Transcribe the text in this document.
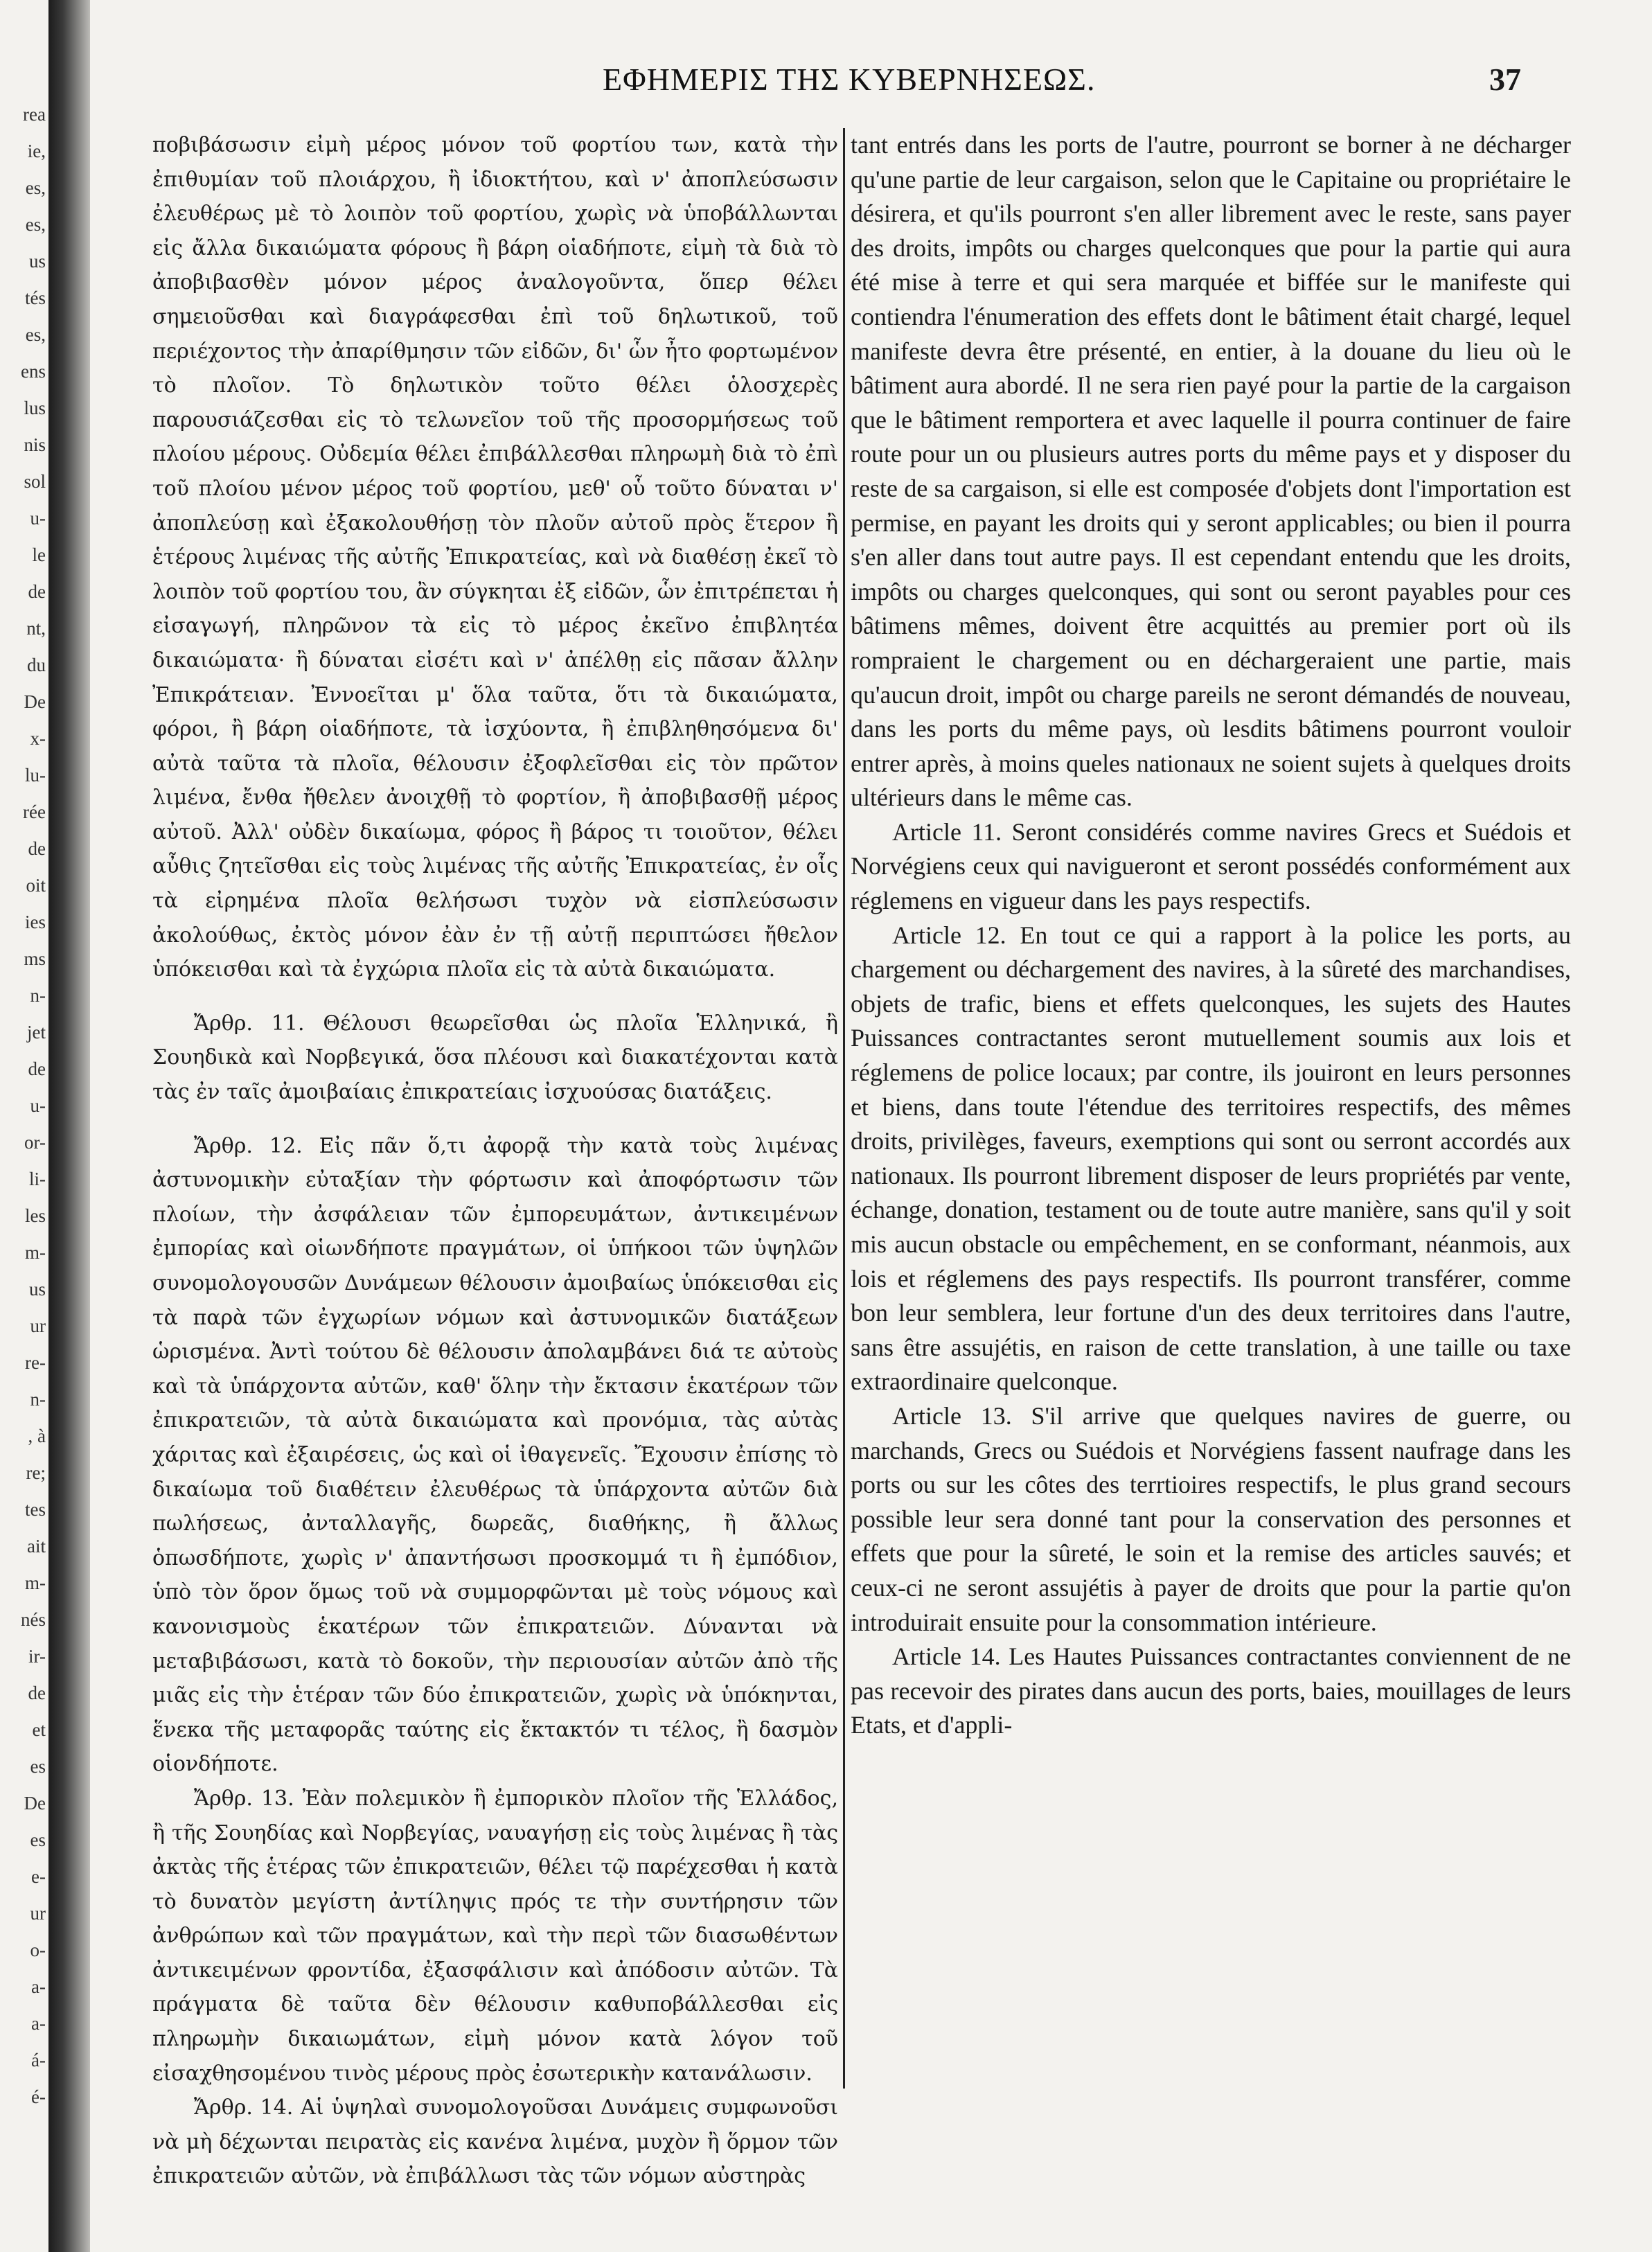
rea
ie,
es,
es,
us
tés
es,
ens
lus
nis
sol
u-
le
de
nt,
du
De
x-
lu-
rée
de
oit
ies
ms
n-
jet
de
u-
or-
li-
les
m-
us
ur
re-
n-
, à
re;
tes
ait
m-
nés
ir-
de
et
es
De
es
e-
ur
o-
a-
a-
á-
é-
ΕΦΗΜΕΡΙΣ ΤΗΣ ΚΥΒΕΡΝΗΣΕΩΣ.	37

ποβιβάσωσιν εἰμὴ μέρος μόνον τοῦ φορτίου των, κατὰ τὴν ἐπιθυμίαν τοῦ πλοιάρχου, ἢ ἰδιοκτήτου, καὶ ν' ἀποπλεύσωσιν ἐλευθέρως μὲ τὸ λοιπὸν τοῦ φορτίου, χωρὶς νὰ ὑποβάλλωνται εἰς ἄλλα δικαιώματα φόρους ἢ βάρη οἱαδήποτε, εἰμὴ τὰ διὰ τὸ ἀποβιβασθὲν μόνον μέρος ἀναλογοῦντα, ὅπερ θέλει σημειοῦσθαι καὶ διαγράφεσθαι ἐπὶ τοῦ δηλωτικοῦ, τοῦ περιέχοντος τὴν ἀπαρίθμησιν τῶν εἰδῶν, δι' ὧν ἦτο φορτωμένον τὸ πλοῖον. Τὸ δηλωτικὸν τοῦτο θέλει ὁλοσχερὲς παρουσιάζεσθαι εἰς τὸ τελωνεῖον τοῦ τῆς προσορμήσεως τοῦ πλοίου μέρους. Οὐδεμία θέλει ἐπιβάλλεσθαι πληρωμὴ διὰ τὸ ἐπὶ τοῦ πλοίου μένον μέρος τοῦ φορτίου, μεθ' οὗ τοῦτο δύναται ν' ἀποπλεύσῃ καὶ ἐξακολουθήσῃ τὸν πλοῦν αὐτοῦ πρὸς ἕτερον ἢ ἑτέρους λιμένας τῆς αὐτῆς Ἐπικρατείας, καὶ νὰ διαθέσῃ ἐκεῖ τὸ λοιπὸν τοῦ φορτίου του, ἂν σύγκηται ἐξ εἰδῶν, ὧν ἐπιτρέπεται ἡ εἰσαγωγή, πληρῶνον τὰ εἰς τὸ μέρος ἐκεῖνο ἐπιβλητέα δικαιώματα· ἢ δύναται εἰσέτι καὶ ν' ἀπέλθῃ εἰς πᾶσαν ἄλλην Ἐπικράτειαν. Ἐννοεῖται μ' ὅλα ταῦτα, ὅτι τὰ δικαιώματα, φόροι, ἢ βάρη οἱαδήποτε, τὰ ἰσχύοντα, ἢ ἐπιβληθησόμενα δι' αὐτὰ ταῦτα τὰ πλοῖα, θέλουσιν ἐξοφλεῖσθαι εἰς τὸν πρῶτον λιμένα, ἔνθα ἤθελεν ἀνοιχθῇ τὸ φορτίον, ἢ ἀποβιβασθῇ μέρος αὐτοῦ. Ἀλλ' οὐδὲν δικαίωμα, φόρος ἢ βάρος τι τοιοῦτον, θέλει αὖθις ζητεῖσθαι εἰς τοὺς λιμένας τῆς αὐτῆς Ἐπικρατείας, ἐν οἷς τὰ εἰρημένα πλοῖα θελήσωσι τυχὸν νὰ εἰσπλεύσωσιν ἀκολούθως, ἐκτὸς μόνον ἐὰν ἐν τῇ αὐτῇ περιπτώσει ἤθελον ὑπόκεισθαι καὶ τὰ ἐγχώρια πλοῖα εἰς τὰ αὐτὰ δικαιώματα.

Ἄρθρ. 11. Θέλουσι θεωρεῖσθαι ὡς πλοῖα Ἑλληνικά, ἢ Σουηδικὰ καὶ Νορβεγικά, ὅσα πλέουσι καὶ διακατέχονται κατὰ τὰς ἐν ταῖς ἀμοιβαίαις ἐπικρατείαις ἰσχυούσας διατάξεις.

Ἄρθρ. 12. Εἰς πᾶν ὅ,τι ἀφορᾷ τὴν κατὰ τοὺς λιμένας ἀστυνομικὴν εὐταξίαν τὴν φόρτωσιν καὶ ἀποφόρτωσιν τῶν πλοίων, τὴν ἀσφάλειαν τῶν ἐμπορευμάτων, ἀντικειμένων ἐμπορίας καὶ οἱωνδήποτε πραγμάτων, οἱ ὑπήκοοι τῶν ὑψηλῶν συνομολογουσῶν Δυνάμεων θέλουσιν ἀμοιβαίως ὑπόκεισθαι εἰς τὰ παρὰ τῶν ἐγχωρίων νόμων καὶ ἀστυνομικῶν διατάξεων ὡρισμένα. Ἀντὶ τούτου δὲ θέλουσιν ἀπολαμβάνει διά τε αὐτοὺς καὶ τὰ ὑπάρχοντα αὐτῶν, καθ' ὅλην τὴν ἔκτασιν ἑκατέρων τῶν ἐπικρατειῶν, τὰ αὐτὰ δικαιώματα καὶ προνόμια, τὰς αὐτὰς χάριτας καὶ ἐξαιρέσεις, ὡς καὶ οἱ ἰθαγενεῖς. Ἔχουσιν ἐπίσης τὸ δικαίωμα τοῦ διαθέτειν ἐλευθέρως τὰ ὑπάρχοντα αὐτῶν διὰ πωλήσεως, ἀνταλλαγῆς, δωρεᾶς, διαθήκης, ἢ ἄλλως ὁπωσδήποτε, χωρὶς ν' ἀπαντήσωσι προσκομμά τι ἢ ἐμπόδιον, ὑπὸ τὸν ὅρον ὅμως τοῦ νὰ συμμορφῶνται μὲ τοὺς νόμους καὶ κανονισμοὺς ἑκατέρων τῶν ἐπικρατειῶν. Δύνανται νὰ μεταβιβάσωσι, κατὰ τὸ δοκοῦν, τὴν περιουσίαν αὐτῶν ἀπὸ τῆς μιᾶς εἰς τὴν ἑτέραν τῶν δύο ἐπικρατειῶν, χωρὶς νὰ ὑπόκηνται, ἕνεκα τῆς μεταφορᾶς ταύτης εἰς ἔκτακτόν τι τέλος, ἢ δασμὸν οἱονδήποτε.

Ἄρθρ. 13. Ἐὰν πολεμικὸν ἢ ἐμπορικὸν πλοῖον τῆς Ἑλλάδος, ἢ τῆς Σουηδίας καὶ Νορβεγίας, ναυαγήσῃ εἰς τοὺς λιμένας ἢ τὰς ἀκτὰς τῆς ἑτέρας τῶν ἐπικρατειῶν, θέλει τῷ παρέχεσθαι ἡ κατὰ τὸ δυνατὸν μεγίστη ἀντίληψις πρός τε τὴν συντήρησιν τῶν ἀνθρώπων καὶ τῶν πραγμάτων, καὶ τὴν περὶ τῶν διασωθέντων ἀντικειμένων φροντίδα, ἐξασφάλισιν καὶ ἀπόδοσιν αὐτῶν. Τὰ πράγματα δὲ ταῦτα δὲν θέλουσιν καθυποβάλλεσθαι εἰς πληρωμὴν δικαιωμάτων, εἰμὴ μόνον κατὰ λόγον τοῦ εἰσαχθησομένου τινὸς μέρους πρὸς ἐσωτερικὴν κατανάλωσιν.

Ἄρθρ. 14. Αἱ ὑψηλαὶ συνομολογοῦσαι Δυνάμεις συμφωνοῦσι νὰ μὴ δέχωνται πειρατὰς εἰς κανένα λιμένα, μυχὸν ἢ ὅρμον τῶν ἐπικρατειῶν αὐτῶν, νὰ ἐπιβάλλωσι τὰς τῶν νόμων αὐστηρὰς

tant entrés dans les ports de l'autre, pourront se borner à ne décharger qu'une partie de leur cargaison, selon que le Capitaine ou propriétaire le désirera, et qu'ils pourront s'en aller librement avec le reste, sans payer des droits, impôts ou charges quelconques que pour la partie qui aura été mise à terre et qui sera marquée et biffée sur le manifeste qui contiendra l'énumeration des effets dont le bâtiment était chargé, lequel manifeste devra être présenté, en entier, à la douane du lieu où le bâtiment aura abordé. Il ne sera rien payé pour la partie de la cargaison que le bâtiment remportera et avec laquelle il pourra continuer de faire route pour un ou plusieurs autres ports du même pays et y disposer du reste de sa cargaison, si elle est composée d'objets dont l'importation est permise, en payant les droits qui y seront applicables; ou bien il pourra s'en aller dans tout autre pays. Il est cependant entendu que les droits, impôts ou charges quelconques, qui sont ou seront payables pour ces bâtimens mêmes, doivent être acquittés au premier port où ils rompraient le chargement ou en déchargeraient une partie, mais qu'aucun droit, impôt ou charge pareils ne seront démandés de nouveau, dans les ports du même pays, où lesdits bâtimens pourront vouloir entrer après, à moins queles nationaux ne soient sujets à quelques droits ultérieurs dans le même cas.

Article 11. Seront considérés comme navires Grecs et Suédois et Norvégiens ceux qui navigueront et seront possédés conformément aux réglemens en vigueur dans les pays respectifs.

Article 12. En tout ce qui a rapport à la police les ports, au chargement ou déchargement des navires, à la sûreté des marchandises, objets de trafic, biens et effets quelconques, les sujets des Hautes Puissances contractantes seront mutuellement soumis aux lois et réglemens de police locaux; par contre, ils jouiront en leurs personnes et biens, dans toute l'étendue des territoires respectifs, des mêmes droits, privilèges, faveurs, exemptions qui sont ou serront accordés aux nationaux. Ils pourront librement disposer de leurs propriétés par vente, échange, donation, testament ou de toute autre manière, sans qu'il y soit mis aucun obstacle ou empêchement, en se conformant, néanmois, aux lois et réglemens des pays respectifs. Ils pourront transférer, comme bon leur semblera, leur fortune d'un des deux territoires dans l'autre, sans être assujétis, en raison de cette translation, à une taille ou taxe extraordinaire quelconque.

Article 13. S'il arrive que quelques navires de guerre, ou marchands, Grecs ou Suédois et Norvégiens fassent naufrage dans les ports ou sur les côtes des terrtioires respectifs, le plus grand secours possible leur sera donné tant pour la conservation des personnes et effets que pour la sûreté, le soin et la remise des articles sauvés; et ceux-ci ne seront assujétis à payer de droits que pour la partie qu'on introduirait ensuite pour la consommation intérieure.

Article 14. Les Hautes Puissances contractantes conviennent de ne pas recevoir des pirates dans aucun des ports, baies, mouillages de leurs Etats, et d'appli-
